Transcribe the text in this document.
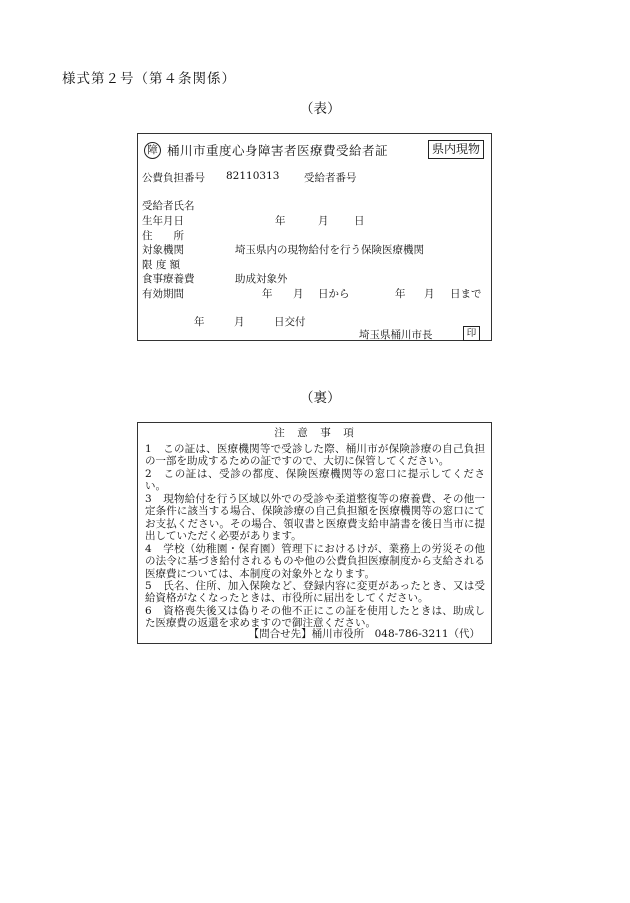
様式第２号（第４条関係）
（表）
障 桶川市重度心身障害者医療費受給者証	県内現物
公費負担番号 82110313 受給者番号
受給者氏名
生年月日	年	月 日
住　　所
対象機関	埼玉県内の現物給付を行う保険医療機関
限 度 額
食事療養費	助成対象外
有効期間	年 月 日から	年 月 日まで
年	月	日交付
埼玉県桶川市長	印
（裏）
注　意　事　項
1 この証は、医療機関等で受診した際、桶川市が保険診療の自己負担の一部を助成するための証ですので、大切に保管してください。
2 この証は、受診の都度、保険医療機関等の窓口に提示してください。
3 現物給付を行う区域以外での受診や柔道整復等の療養費、その他一定条件に該当する場合、保険診療の自己負担額を医療機関等の窓口にてお支払ください。その場合、領収書と医療費支給申請書を後日当市に提出していただく必要があります。
4 学校（幼稚園・保育園）管理下におけるけが、業務上の労災その他の法令に基づき給付されるものや他の公費負担医療制度から支給される医療費については、本制度の対象外となります。
5 氏名、住所、加入保険など、登録内容に変更があったとき、又は受給資格がなくなったときは、市役所に届出をしてください。
6 資格喪失後又は偽りその他不正にこの証を使用したときは、助成した医療費の返還を求めますので御注意ください。
【問合せ先】桶川市役所　048-786-3211（代）
